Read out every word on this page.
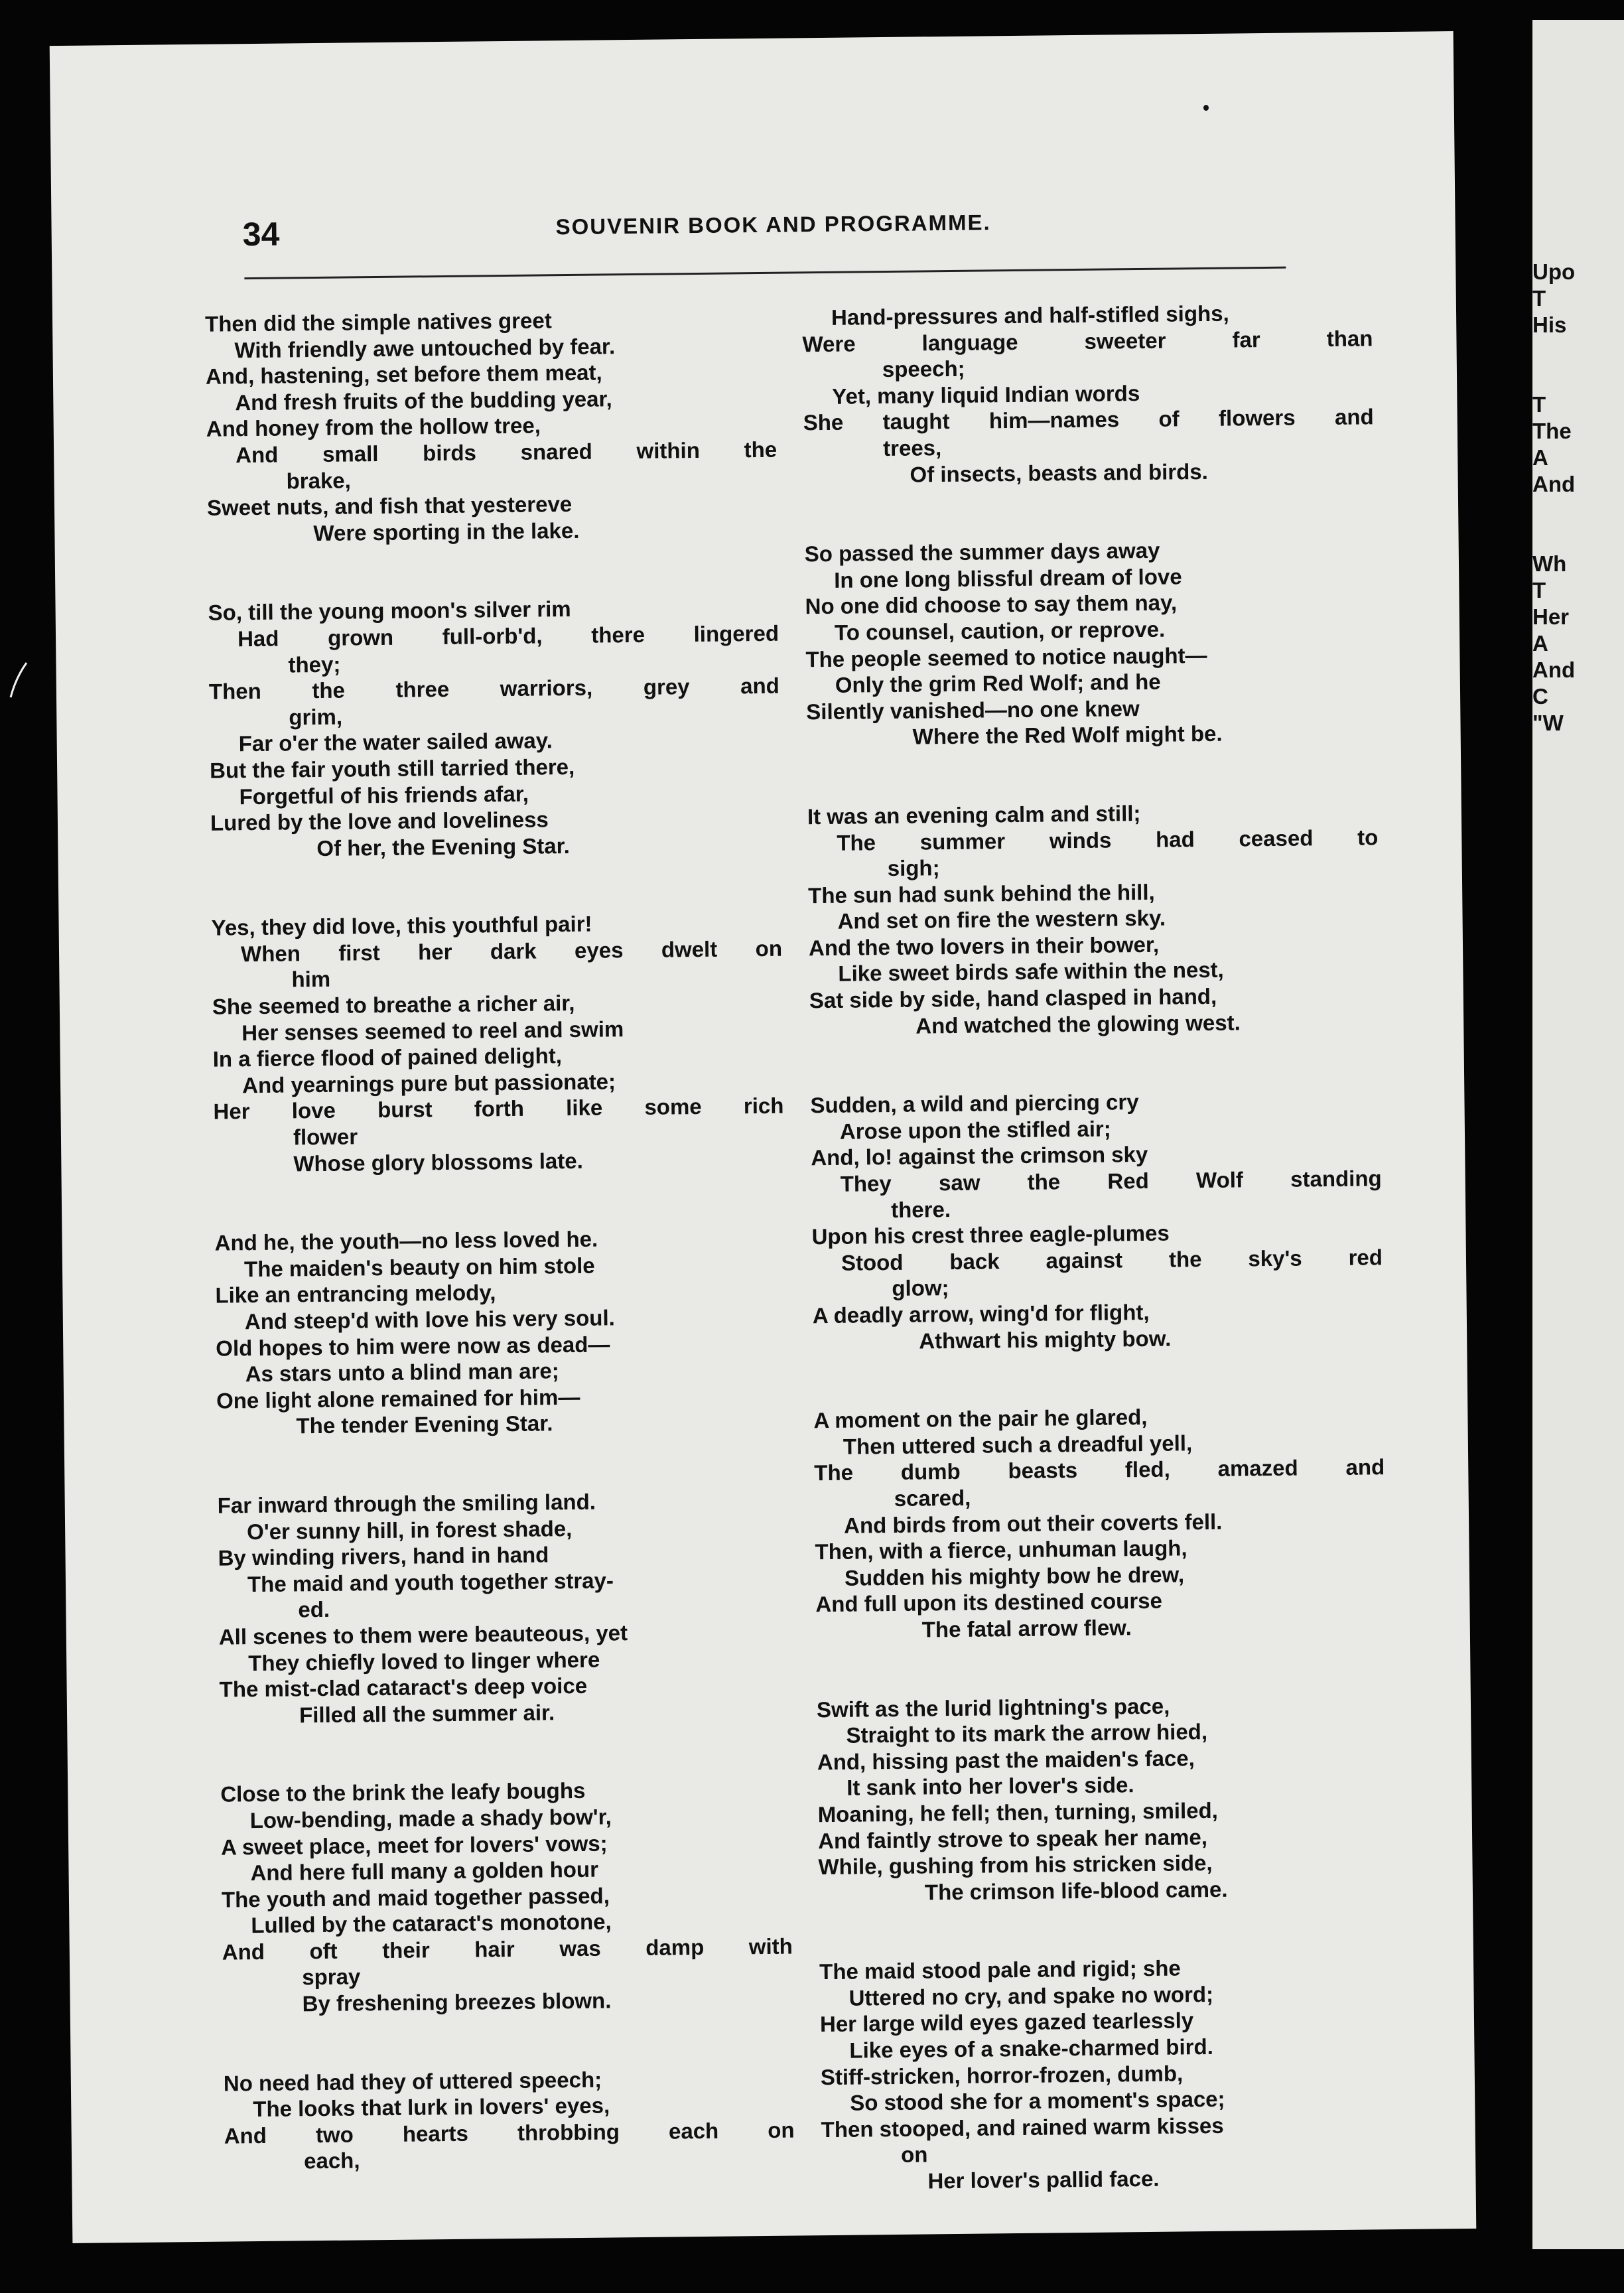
34	SOUVENIR BOOK AND PROGRAMME.
Then did the simple natives greet
With friendly awe untouched by fear.
And, hastening, set before them meat,
And fresh fruits of the budding year,
And honey from the hollow tree,
And small birds snared within the
brake,
Sweet nuts, and fish that yestereve
Were sporting in the lake.
So, till the young moon's silver rim
Had grown full-orb'd, there lingered
they;
Then the three warriors, grey and
grim,
Far o'er the water sailed away.
But the fair youth still tarried there,
Forgetful of his friends afar,
Lured by the love and loveliness
Of her, the Evening Star.
Yes, they did love, this youthful pair!
When first her dark eyes dwelt on
him
She seemed to breathe a richer air,
Her senses seemed to reel and swim
In a fierce flood of pained delight,
And yearnings pure but passionate;
Her love burst forth like some rich
flower
Whose glory blossoms late.
And he, the youth—no less loved he.
The maiden's beauty on him stole
Like an entrancing melody,
And steep'd with love his very soul.
Old hopes to him were now as dead—
As stars unto a blind man are;
One light alone remained for him—
The tender Evening Star.
Far inward through the smiling land.
O'er sunny hill, in forest shade,
By winding rivers, hand in hand
The maid and youth together stray-
ed.
All scenes to them were beauteous, yet
They chiefly loved to linger where
The mist-clad cataract's deep voice
Filled all the summer air.
Close to the brink the leafy boughs
Low-bending, made a shady bow'r,
A sweet place, meet for lovers' vows;
And here full many a golden hour
The youth and maid together passed,
Lulled by the cataract's monotone,
And oft their hair was damp with
spray
By freshening breezes blown.
No need had they of uttered speech;
The looks that lurk in lovers' eyes,
And two hearts throbbing each on
each,
Hand-pressures and half-stifled sighs,
Were	language	sweeter	far	than
speech;
Yet, many liquid Indian words
She taught him—names of flowers and
trees,
Of insects, beasts and birds.
So passed the summer days away
In one long blissful dream of love
No one did choose to say them nay,
To counsel, caution, or reprove.
The people seemed to notice naught—
Only the grim Red Wolf; and he
Silently vanished—no one knew
Where the Red Wolf might be.
It was an evening calm and still;
The summer winds had ceased to
sigh;
The sun had sunk behind the hill,
And set on fire the western sky.
And the two lovers in their bower,
Like sweet birds safe within the nest,
Sat side by side, hand clasped in hand,
And watched the glowing west.
Sudden, a wild and piercing cry
Arose upon the stifled air;
And, lo! against the crimson sky
They saw the Red Wolf standing
there.
Upon his crest three eagle-plumes
Stood back against the sky's red
glow;
A deadly arrow, wing'd for flight,
Athwart his mighty bow.
A moment on the pair he glared,
Then uttered such a dreadful yell,
The dumb beasts fled, amazed and
scared,
And birds from out their coverts fell.
Then, with a fierce, unhuman laugh,
Sudden his mighty bow he drew,
And full upon its destined course
The fatal arrow flew.
Swift as the lurid lightning's pace,
Straight to its mark the arrow hied,
And, hissing past the maiden's face,
It sank into her lover's side.
Moaning, he fell; then, turning, smiled,
And faintly strove to speak her name,
While, gushing from his stricken side,
The crimson life-blood came.
The maid stood pale and rigid; she
Uttered no cry, and spake no word;
Her large wild eyes gazed tearlessly
Like eyes of a snake-charmed bird.
Stiff-stricken, horror-frozen, dumb,
So stood she for a moment's space;
Then stooped, and rained warm kisses
on
Her lover's pallid face.
Upo
T
His
T
The
A
And
Wh
T
Her
A
And
C
"W
